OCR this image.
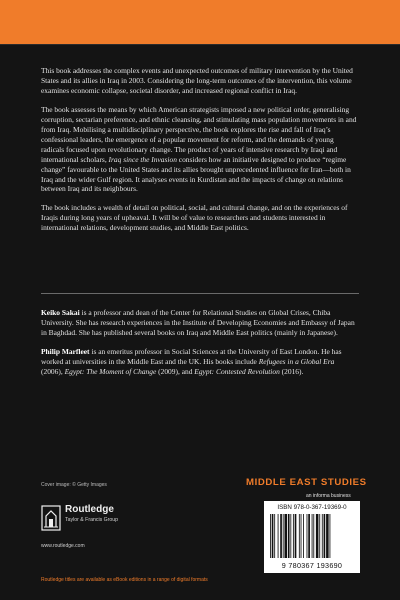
This book addresses the complex events and unexpected outcomes of military intervention by the United States and its allies in Iraq in 2003. Considering the long-term outcomes of the intervention, this volume examines economic collapse, societal disorder, and increased regional conflict in Iraq.

The book assesses the means by which American strategists imposed a new political order, generalising corruption, sectarian preference, and ethnic cleansing, and stimulating mass population movements in and from Iraq. Mobilising a multidisciplinary perspective, the book explores the rise and fall of Iraq’s confessional leaders, the emergence of a popular movement for reform, and the demands of young radicals focused upon revolutionary change. The product of years of intensive research by Iraqi and international scholars, Iraq since the Invasion considers how an initiative designed to produce “regime change” favourable to the United States and its allies brought unprecedented influence for Iran—both in Iraq and the wider Gulf region. It analyses events in Kurdistan and the impacts of change on relations between Iraq and its neighbours.

The book includes a wealth of detail on political, social, and cultural change, and on the experiences of Iraqis during long years of upheaval. It will be of value to researchers and students interested in international relations, development studies, and Middle East politics.

Keiko Sakai is a professor and dean of the Center for Relational Studies on Global Crises, Chiba University. She has research experiences in the Institute of Developing Economies and Embassy of Japan in Baghdad. She has published several books on Iraq and Middle East politics (mainly in Japanese).

Philip Marfleet is an emeritus professor in Social Sciences at the University of East London. He has worked at universities in the Middle East and the UK. His books include Refugees in a Global Era (2006), Egypt: The Moment of Change (2009), and Egypt: Contested Revolution (2016).

Cover image: © Getty Images	MIDDLE EAST STUDIES
Routledge
Taylor & Francis Group
www.routledge.com
an informa business
ISBN 978-0-367-19369-0
9 780367 193690
Routledge titles are available as eBook editions in a range of digital formats
